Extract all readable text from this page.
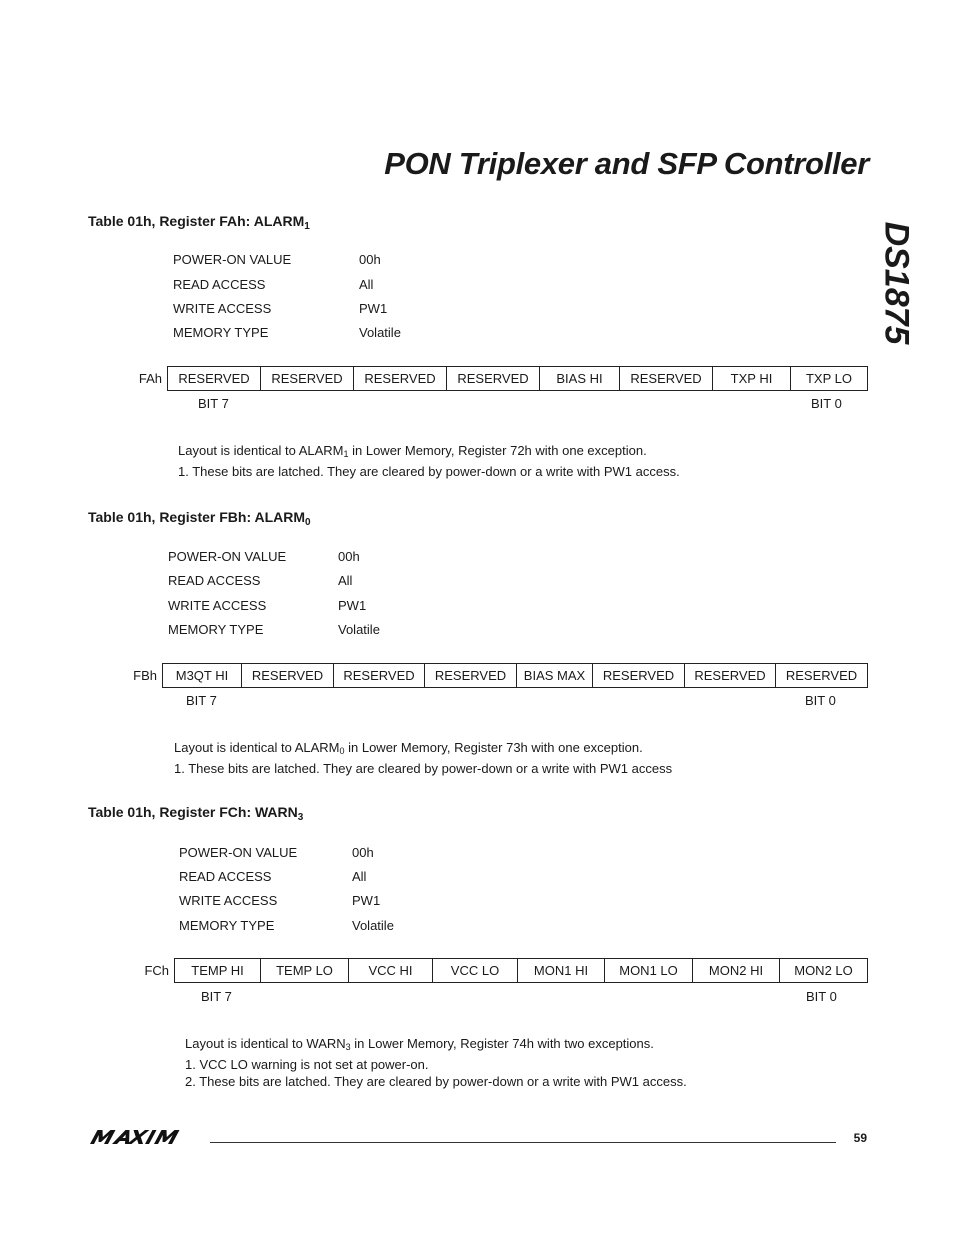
PON Triplexer and SFP Controller
DS1875
Table 01h, Register FAh: $ALARM_1$
POWER-ON VALUE	00h
READ ACCESS	All
WRITE ACCESS	PW1
MEMORY TYPE	Volatile
FAh RESERVED	RESERVED	RESERVED	RESERVED	BIAS HI	RESERVED	TXP HI	TXP LO
BIT 7	BIT 0
Layout is identical to $ALARM_1$ in Lower Memory, Register 72h with one exception.
1. These bits are latched. They are cleared by power-down or a write with PW1 access.
Table 01h, Register FBh: $ALARM_0$
POWER-ON VALUE	00h
READ ACCESS	All
WRITE ACCESS	PW1
MEMORY TYPE	Volatile
FBh M3QT HI	RESERVED	RESERVED	RESERVED	BIAS MAX	RESERVED	RESERVED	RESERVED
BIT 7	BIT 0
Layout is identical to $ALARM_0$ in Lower Memory, Register 73h with one exception.
1. These bits are latched. They are cleared by power-down or a write with PW1 access
Table 01h, Register FCh: $WARN_3$
POWER-ON VALUE	00h
READ ACCESS	All
WRITE ACCESS	PW1
MEMORY TYPE	Volatile
FCh TEMP HI	TEMP LO	VCC HI	VCC LO	MON1 HI	MON1 LO	MON2 HI	MON2 LO
BIT 7	BIT 0
Layout is identical to $WARN_3$ in Lower Memory, Register 74h with two exceptions.
1. VCC LO warning is not set at power-on.
2. These bits are latched. They are cleared by power-down or a write with PW1 access.
59
